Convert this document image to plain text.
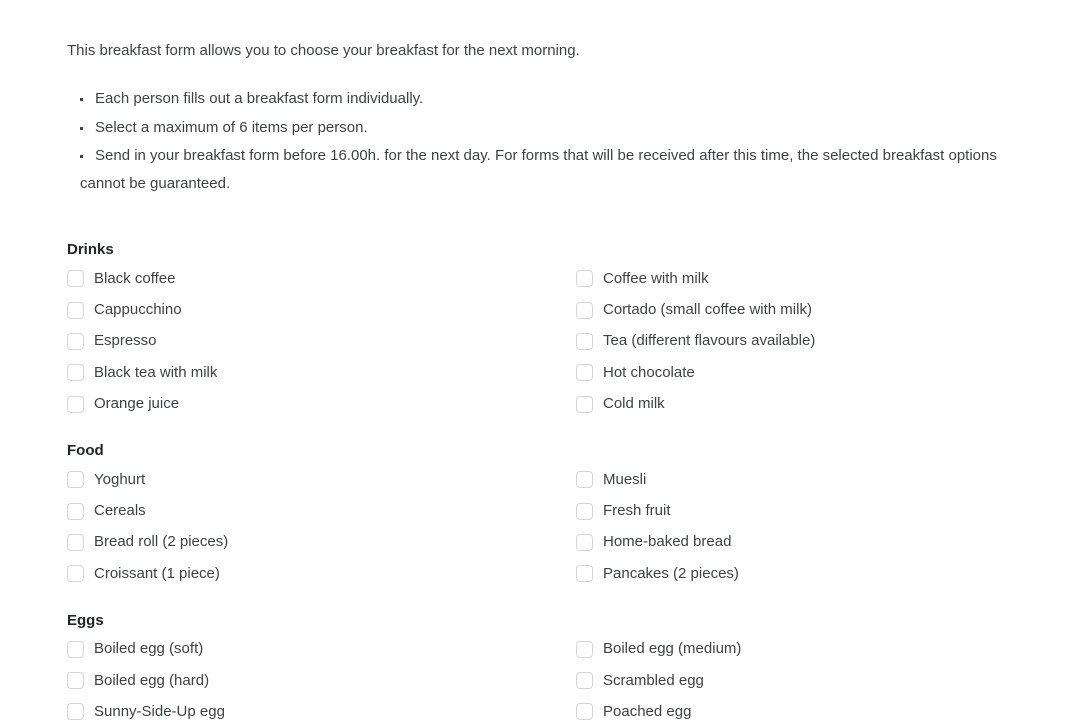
This breakfast form allows you to choose your breakfast for the next morning.

▪ Each person fills out a breakfast form individually.
▪ Select a maximum of 6 items per person.
▪ Send in your breakfast form before 16.00h. for the next day. For forms that will be received after this time, the selected breakfast options cannot be guaranteed.
Drinks
Black coffee
Cappucchino
Espresso
Black tea with milk
Orange juice
Coffee with milk
Cortado (small coffee with milk)
Tea (different flavours available)
Hot chocolate
Cold milk
Food
Yoghurt
Cereals
Bread roll (2 pieces)
Croissant (1 piece)
Muesli
Fresh fruit
Home-baked bread
Pancakes (2 pieces)
Eggs
Boiled egg (soft)
Boiled egg (hard)
Sunny-Side-Up egg
Boiled egg (medium)
Scrambled egg
Poached egg
